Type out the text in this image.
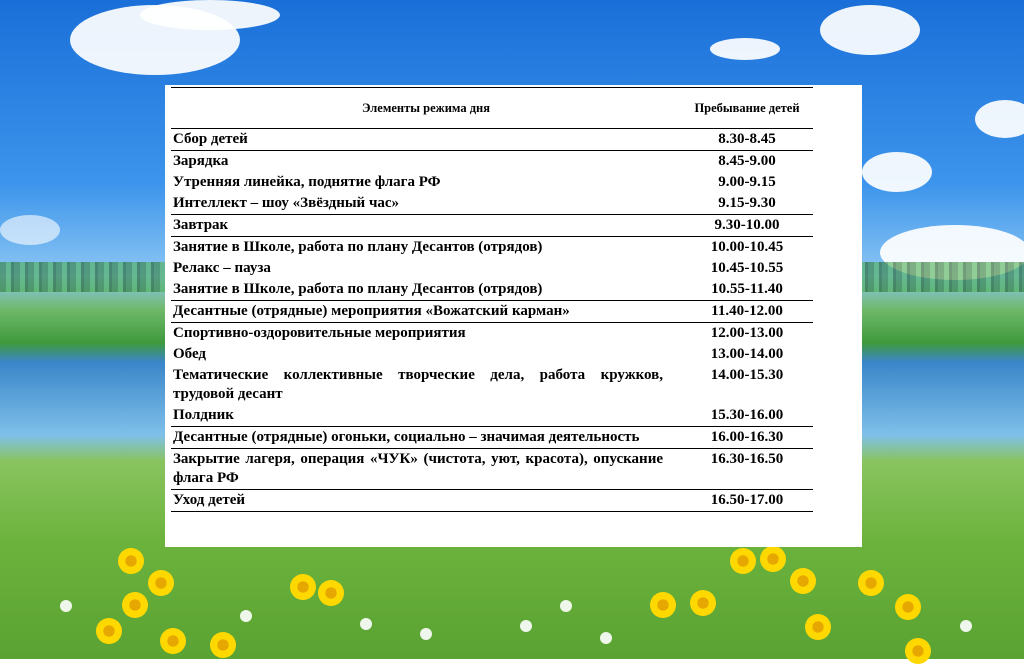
Элементы режима дня	Пребывание детей
Сбор детей	8.30-8.45
Зарядка	8.45-9.00
Утренняя линейка, поднятие флага РФ	9.00-9.15
Интеллект – шоу «Звёздный час»	9.15-9.30
Завтрак	9.30-10.00
Занятие в Школе, работа по плану Десантов (отрядов)	10.00-10.45
Релакс – пауза	10.45-10.55
Занятие в Школе, работа по плану Десантов (отрядов)	10.55-11.40
Десантные (отрядные) мероприятия «Вожатский карман»	11.40-12.00
Спортивно-оздоровительные мероприятия	12.00-13.00
Обед	13.00-14.00
Тематические коллективные творческие дела, работа кружков, трудовой десант	14.00-15.30
Полдник	15.30-16.00
Десантные (отрядные) огоньки, социально – значимая деятельность	16.00-16.30
Закрытие лагеря, операция «ЧУК» (чистота, уют, красота), опускание флага РФ	16.30-16.50
Уход детей	16.50-17.00
